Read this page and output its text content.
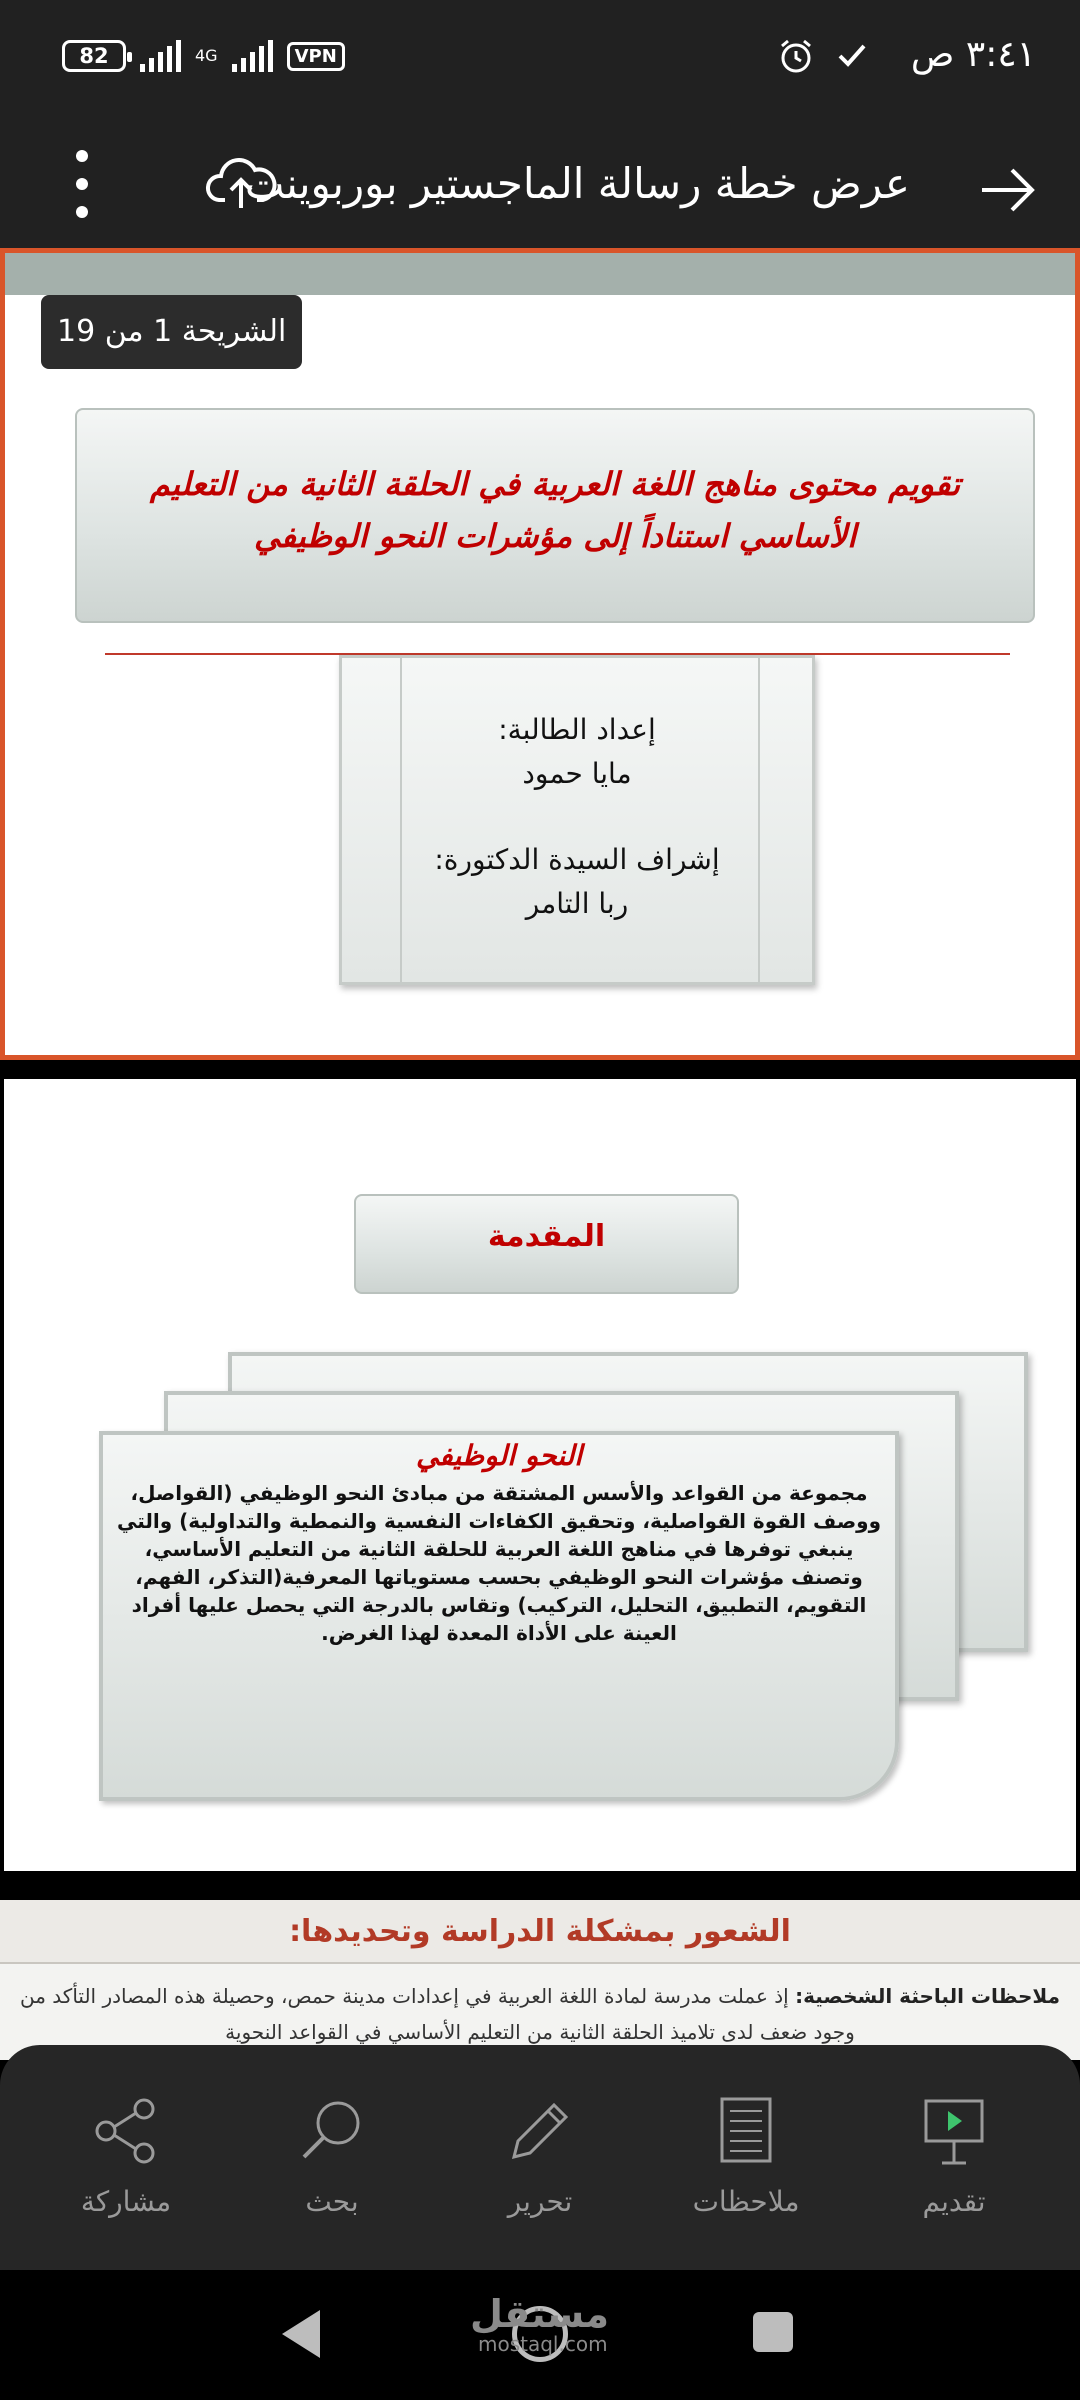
٣:٤١ ص
82	4G	VPN
عرض خطة رسالة الماجستير بوربوينت
الشريحة 1 من 19
تقويم محتوى مناهج اللغة العربية في الحلقة الثانية من التعليم
الأساسي استناداً إلى مؤشرات النحو الوظيفي
إعداد الطالبة:
مايا حمود
إشراف السيدة الدكتورة:
ربا التامر
المقدمة
النحو الوظيفي
مجموعة من القواعد والأسس المشتقة من مبادئ النحو الوظيفي (القواصل، ووصف القوة القواصلية، وتحقيق الكفاءات النفسية والنمطية والتداولية) والتي ينبغي توفرها في مناهج اللغة العربية للحلقة الثانية من التعليم الأساسي، وتصنف مؤشرات النحو الوظيفي بحسب مستوياتها المعرفية(التذكر، الفهم، التقويم، التطبيق، التحليل، التركيب) وتقاس بالدرجة التي يحصل عليها أفراد العينة على الأداة المعدة لهذا الغرض.
الشعور بمشكلة الدراسة وتحديدها:
ملاحظات الباحثة الشخصية: إذ عملت مدرسة لمادة اللغة العربية في إعدادات مدينة حمص، وحصيلة هذه المصادر التأكد من وجود ضعف لدى تلاميذ الحلقة الثانية من التعليم الأساسي في القواعد النحوية
تقديم
ملاحظات
تحرير
بحث
مشاركة
مستقل
mostaql.com
